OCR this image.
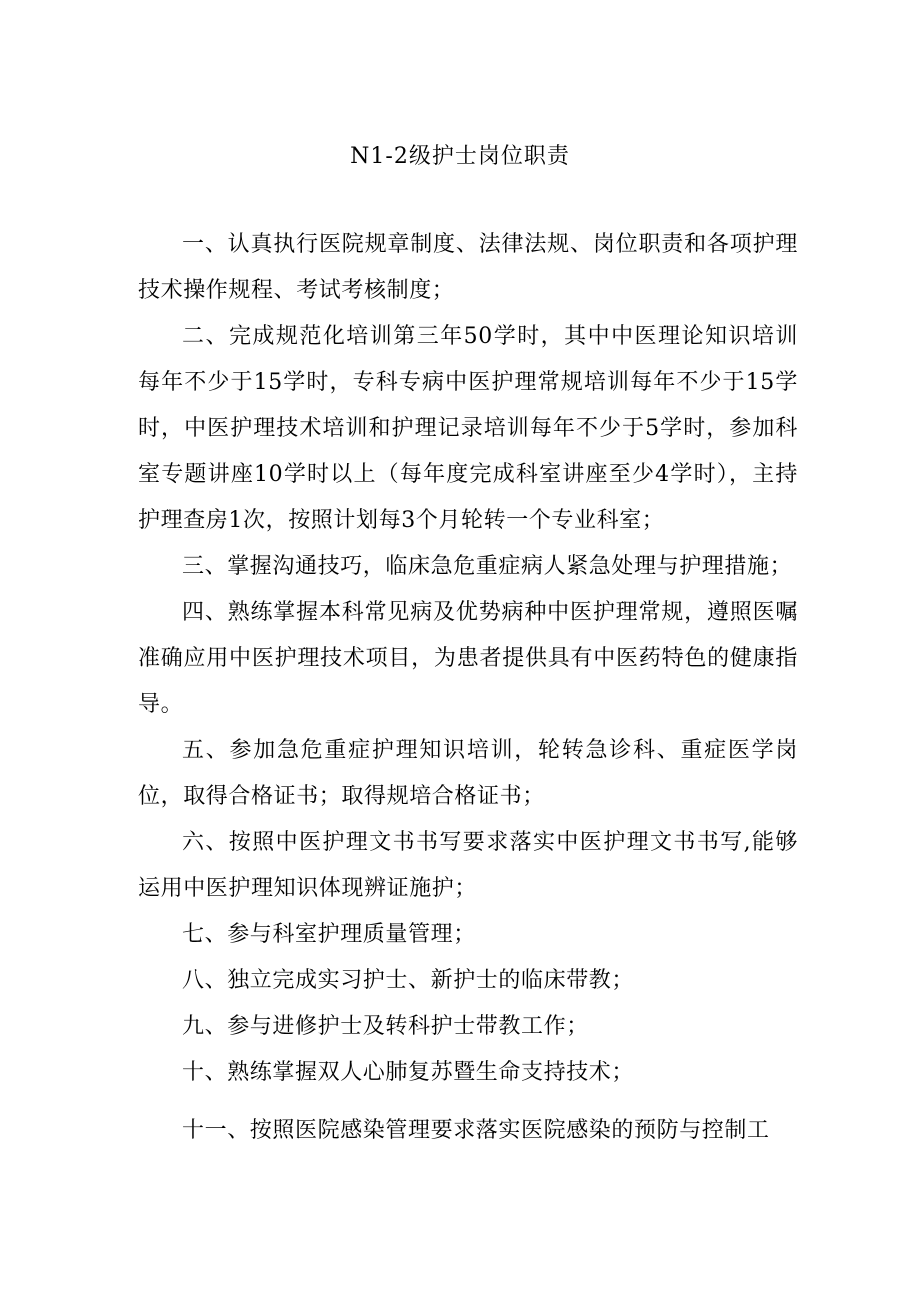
N1-2级护士岗位职责

一、认真执行医院规章制度、法律法规、岗位职责和各项护理技术操作规程、考试考核制度；

二、完成规范化培训第三年50学时，其中中医理论知识培训每年不少于15学时，专科专病中医护理常规培训每年不少于15学时，中医护理技术培训和护理记录培训每年不少于5学时，参加科室专题讲座10学时以上（每年度完成科室讲座至少4学时），主持护理查房1次，按照计划每3个月轮转一个专业科室；

三、掌握沟通技巧，临床急危重症病人紧急处理与护理措施；

四、熟练掌握本科常见病及优势病种中医护理常规，遵照医嘱准确应用中医护理技术项目，为患者提供具有中医药特色的健康指导。

五、参加急危重症护理知识培训，轮转急诊科、重症医学岗位，取得合格证书；取得规培合格证书；

六、按照中医护理文书书写要求落实中医护理文书书写,能够运用中医护理知识体现辨证施护；

七、参与科室护理质量管理；

八、独立完成实习护士、新护士的临床带教；

九、参与进修护士及转科护士带教工作；

十、熟练掌握双人心肺复苏暨生命支持技术；

十一、按照医院感染管理要求落实医院感染的预防与控制工
